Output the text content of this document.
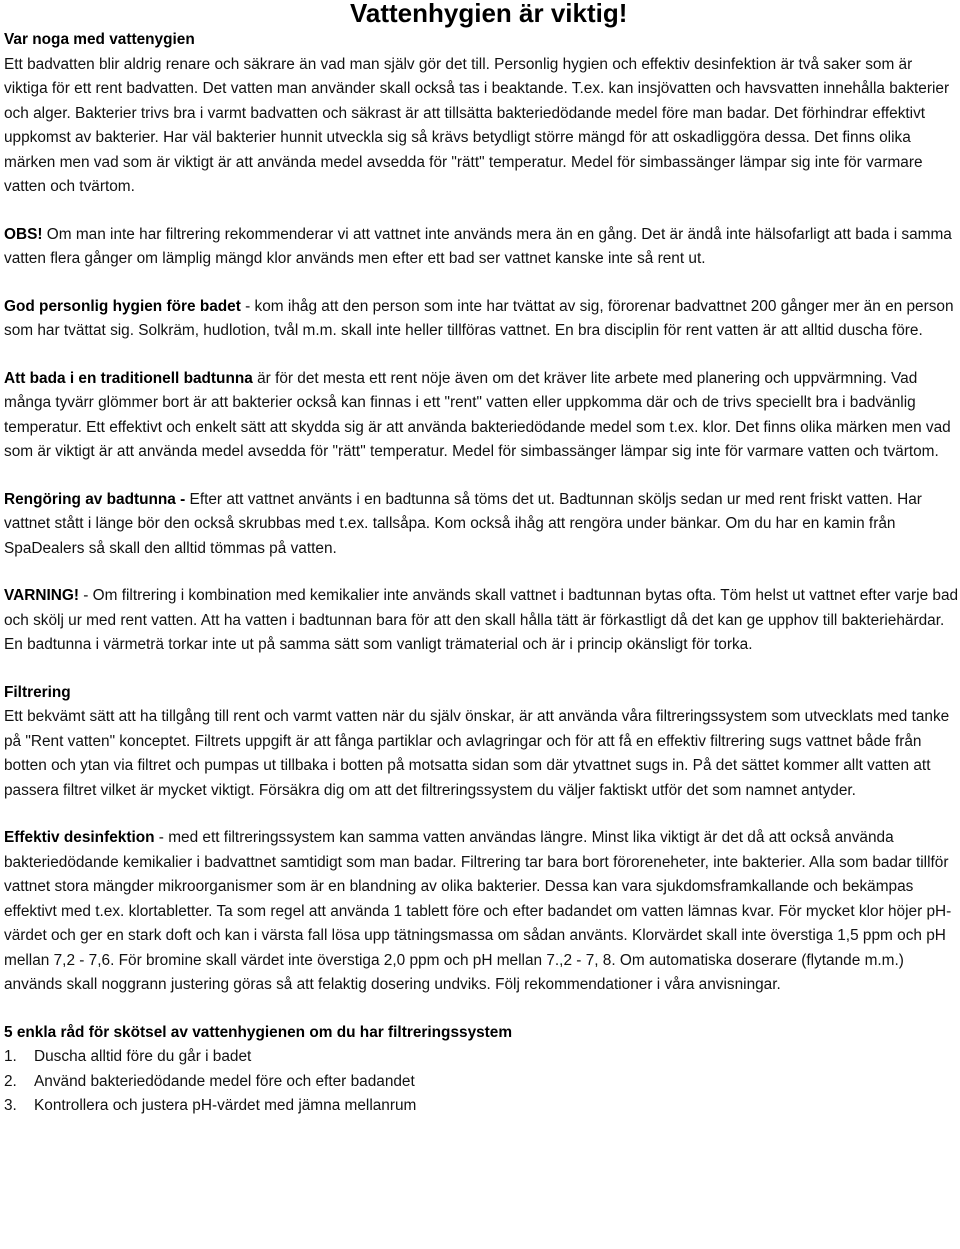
Vattenhygien är viktig!

Var noga med vattenygien

Ett badvatten blir aldrig renare och säkrare än vad man själv gör det till. Personlig hygien och effektiv desinfektion är två saker som är viktiga för ett rent badvatten. Det vatten man använder skall också tas i beaktande. T.ex. kan insjövatten och havsvatten innehålla bakterier och alger. Bakterier trivs bra i varmt badvatten och säkrast är att tillsätta bakteriedödande medel före man badar. Det förhindrar effektivt uppkomst av bakterier. Har väl bakterier hunnit utveckla sig så krävs betydligt större mängd för att oskadliggöra dessa. Det finns olika märken men vad som är viktigt är att använda medel avsedda för "rätt" temperatur. Medel för simbassänger lämpar sig inte för varmare vatten och tvärtom.

OBS! Om man inte har filtrering rekommenderar vi att vattnet inte används mera än en gång. Det är ändå inte hälsofarligt att bada i samma vatten flera gånger om lämplig mängd klor används men efter ett bad ser vattnet kanske inte så rent ut.

God personlig hygien före badet - kom ihåg att den person som inte har tvättat av sig, förorenar badvattnet 200 gånger mer än en person som har tvättat sig. Solkräm, hudlotion, tvål m.m. skall inte heller tillföras vattnet. En bra disciplin för rent vatten är att alltid duscha före.

Att bada i en traditionell badtunna är för det mesta ett rent nöje även om det kräver lite arbete med planering och uppvärmning. Vad många tyvärr glömmer bort är att bakterier också kan finnas i ett "rent" vatten eller uppkomma där och de trivs speciellt bra i badvänlig temperatur. Ett effektivt och enkelt sätt att skydda sig är att använda bakteriedödande medel som t.ex. klor. Det finns olika märken men vad som är viktigt är att använda medel avsedda för "rätt" temperatur. Medel för simbassänger lämpar sig inte för varmare vatten och tvärtom.

Rengöring av badtunna - Efter att vattnet använts i en badtunna så töms det ut. Badtunnan sköljs sedan ur med rent friskt vatten. Har vattnet stått i länge bör den också skrubbas med t.ex. tallsåpa. Kom också ihåg att rengöra under bänkar. Om du har en kamin från SpaDealers så skall den alltid tömmas på vatten.

VARNING! - Om filtrering i kombination med kemikalier inte används skall vattnet i badtunnan bytas ofta. Töm helst ut vattnet efter varje bad och skölj ur med rent vatten. Att ha vatten i badtunnan bara för att den skall hålla tätt är förkastligt då det kan ge upphov till bakteriehärdar. En badtunna i värmeträ torkar inte ut på samma sätt som vanligt trämaterial och är i princip okänsligt för torka.

Filtrering

Ett bekvämt sätt att ha tillgång till rent och varmt vatten när du själv önskar, är att använda våra filtreringssystem som utvecklats med tanke på "Rent vatten" konceptet. Filtrets uppgift är att fånga partiklar och avlagringar och för att få en effektiv filtrering sugs vattnet både från botten och ytan via filtret och pumpas ut tillbaka i botten på motsatta sidan som där ytvattnet sugs in. På det sättet kommer allt vatten att passera filtret vilket är mycket viktigt. Försäkra dig om att det filtreringssystem du väljer faktiskt utför det som namnet antyder.

Effektiv desinfektion - med ett filtreringssystem kan samma vatten användas längre. Minst lika viktigt är det då att också använda bakteriedödande kemikalier i badvattnet samtidigt som man badar. Filtrering tar bara bort föroreneheter, inte bakterier. Alla som badar tillför vattnet stora mängder mikroorganismer som är en blandning av olika bakterier. Dessa kan vara sjukdomsframkallande och bekämpas effektivt med t.ex. klortabletter. Ta som regel att använda 1 tablett före och efter badandet om vatten lämnas kvar. För mycket klor höjer pH-värdet och ger en stark doft och kan i värsta fall lösa upp tätningsmassa om sådan använts. Klorvärdet skall inte överstiga 1,5 ppm och pH mellan 7,2 - 7,6. För bromine skall värdet inte överstiga 2,0 ppm och pH mellan 7.,2 - 7, 8. Om automatiska doserare (flytande m.m.) används skall noggrann justering göras så att felaktig dosering undviks. Följ rekommendationer i våra anvisningar.

5 enkla råd för skötsel av vattenhygienen om du har filtreringssystem

1.	Duscha alltid före du går i badet
2.	Använd bakteriedödande medel före och efter badandet
3.	Kontrollera och justera pH-värdet med jämna mellanrum
